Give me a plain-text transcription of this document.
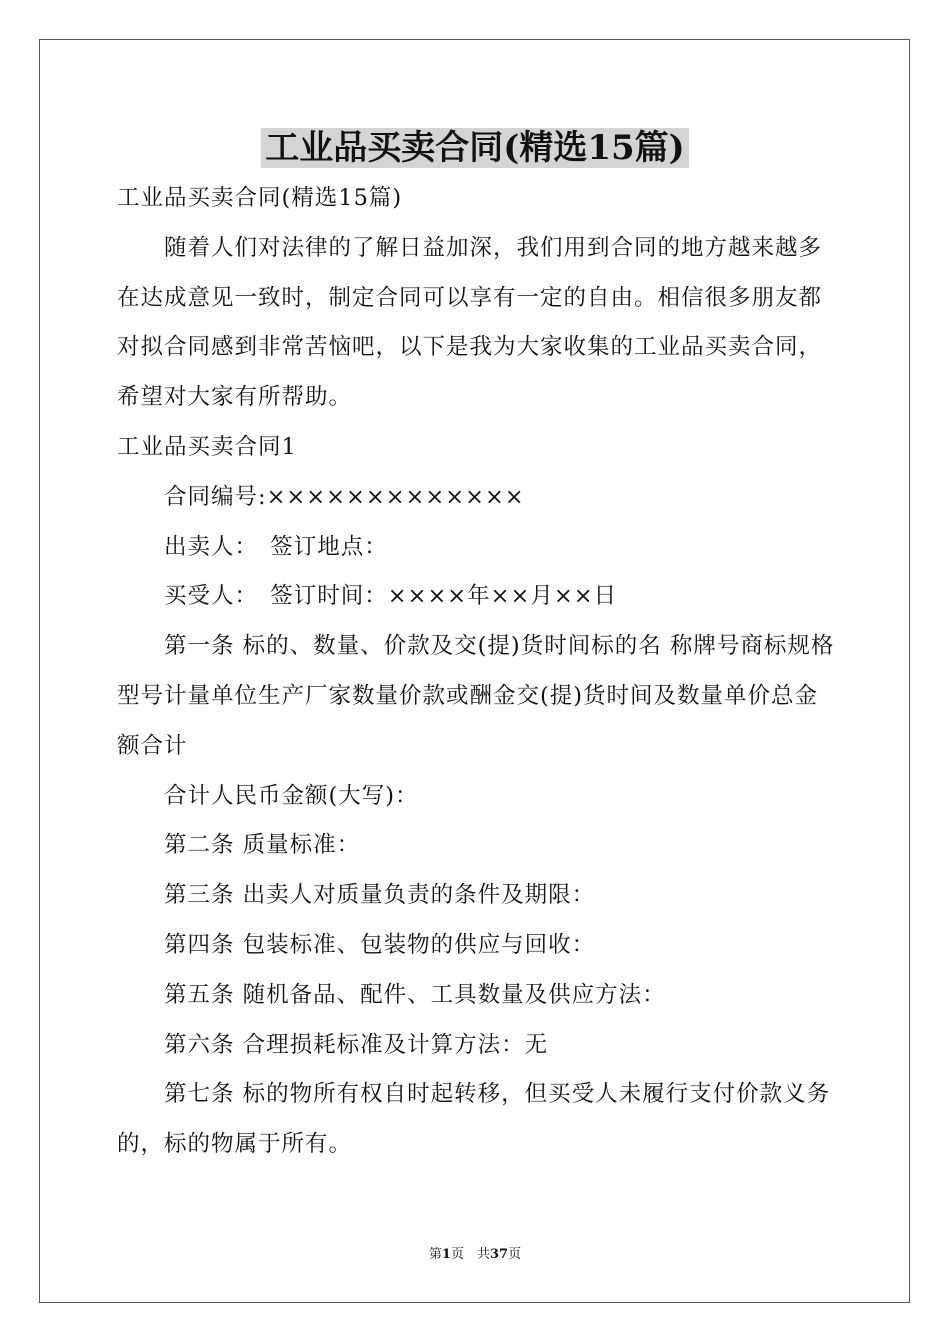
工业品买卖合同(精选15篇)

工业品买卖合同(精选15篇)

随着人们对法律的了解日益加深，我们用到合同的地方越来越多在达成意见一致时，制定合同可以享有一定的自由。相信很多朋友都对拟合同感到非常苦恼吧，以下是我为大家收集的工业品买卖合同，希望对大家有所帮助。

工业品买卖合同1

合同编号:×××××××××××××

出卖人：　签订地点：

买受人：　签订时间：××××年××月××日

第一条 标的、数量、价款及交(提)货时间标的名 称牌号商标规格型号计量单位生产厂家数量价款或酬金交(提)货时间及数量单价总金额合计

合计人民币金额(大写)：

第二条 质量标准：

第三条 出卖人对质量负责的条件及期限：

第四条 包装标准、包装物的供应与回收：

第五条 随机备品、配件、工具数量及供应方法：

第六条 合理损耗标准及计算方法：无

第七条 标的物所有权自时起转移，但买受人未履行支付价款义务的，标的物属于所有。

第1页　共37页
